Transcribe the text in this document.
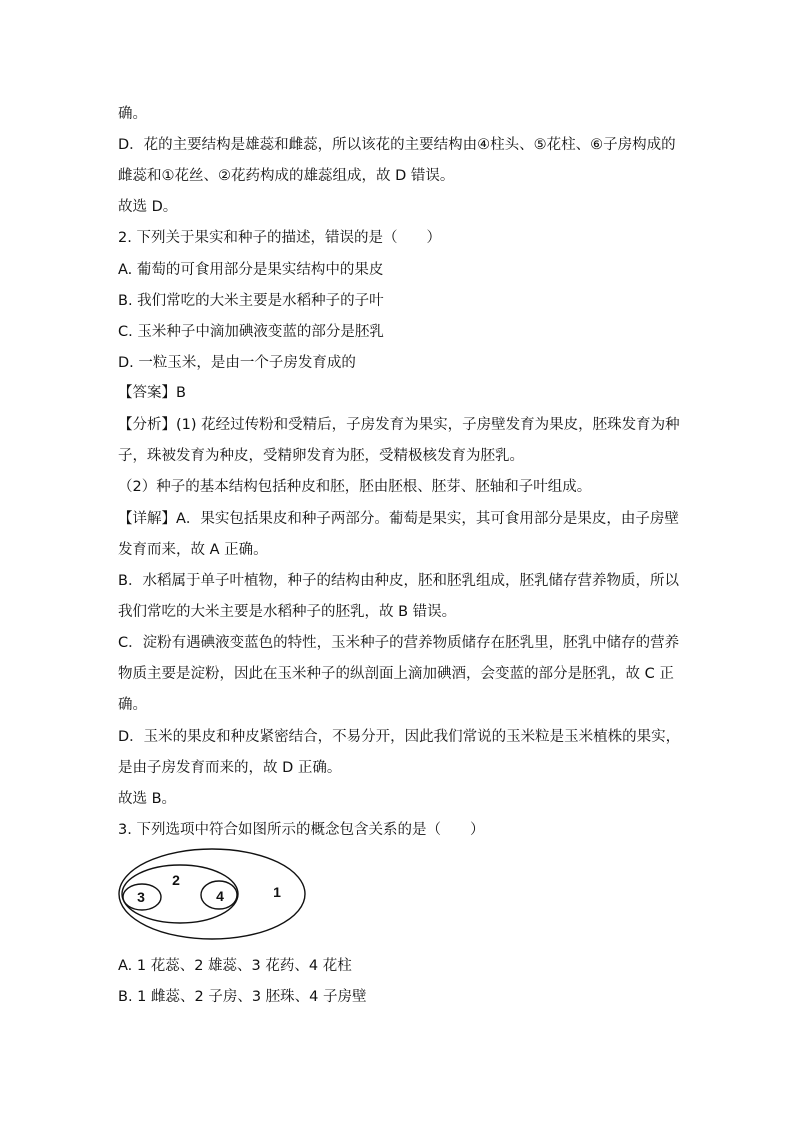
确。
D．花的主要结构是雄蕊和雌蕊，所以该花的主要结构由④柱头、⑤花柱、⑥子房构成的
雌蕊和①花丝、②花药构成的雄蕊组成，故 D 错误。
故选 D。
2. 下列关于果实和种子的描述，错误的是（　　）
A. 葡萄的可食用部分是果实结构中的果皮
B. 我们常吃的大米主要是水稻种子的子叶
C. 玉米种子中滴加碘液变蓝的部分是胚乳
D. 一粒玉米，是由一个子房发育成的
【答案】B
【分析】(1) 花经过传粉和受精后，子房发育为果实，子房壁发育为果皮，胚珠发育为种
子，珠被发育为种皮，受精卵发育为胚，受精极核发育为胚乳。
（2）种子的基本结构包括种皮和胚，胚由胚根、胚芽、胚轴和子叶组成。
【详解】A．果实包括果皮和种子两部分。葡萄是果实，其可食用部分是果皮，由子房壁
发育而来，故 A 正确。
B．水稻属于单子叶植物，种子的结构由种皮，胚和胚乳组成，胚乳储存营养物质，所以
我们常吃的大米主要是水稻种子的胚乳，故 B 错误。
C．淀粉有遇碘液变蓝色的特性，玉米种子的营养物质储存在胚乳里，胚乳中储存的营养
物质主要是淀粉，因此在玉米种子的纵剖面上滴加碘酒，会变蓝的部分是胚乳，故 C 正
确。
D．玉米的果皮和种皮紧密结合，不易分开，因此我们常说的玉米粒是玉米植株的果实，
是由子房发育而来的，故 D 正确。
故选 B。
3. 下列选项中符合如图所示的概念包含关系的是（　　）
1
2
3	4
A. 1 花蕊、2 雄蕊、3 花药、4 花柱
B. 1 雌蕊、2 子房、3 胚珠、4 子房壁
